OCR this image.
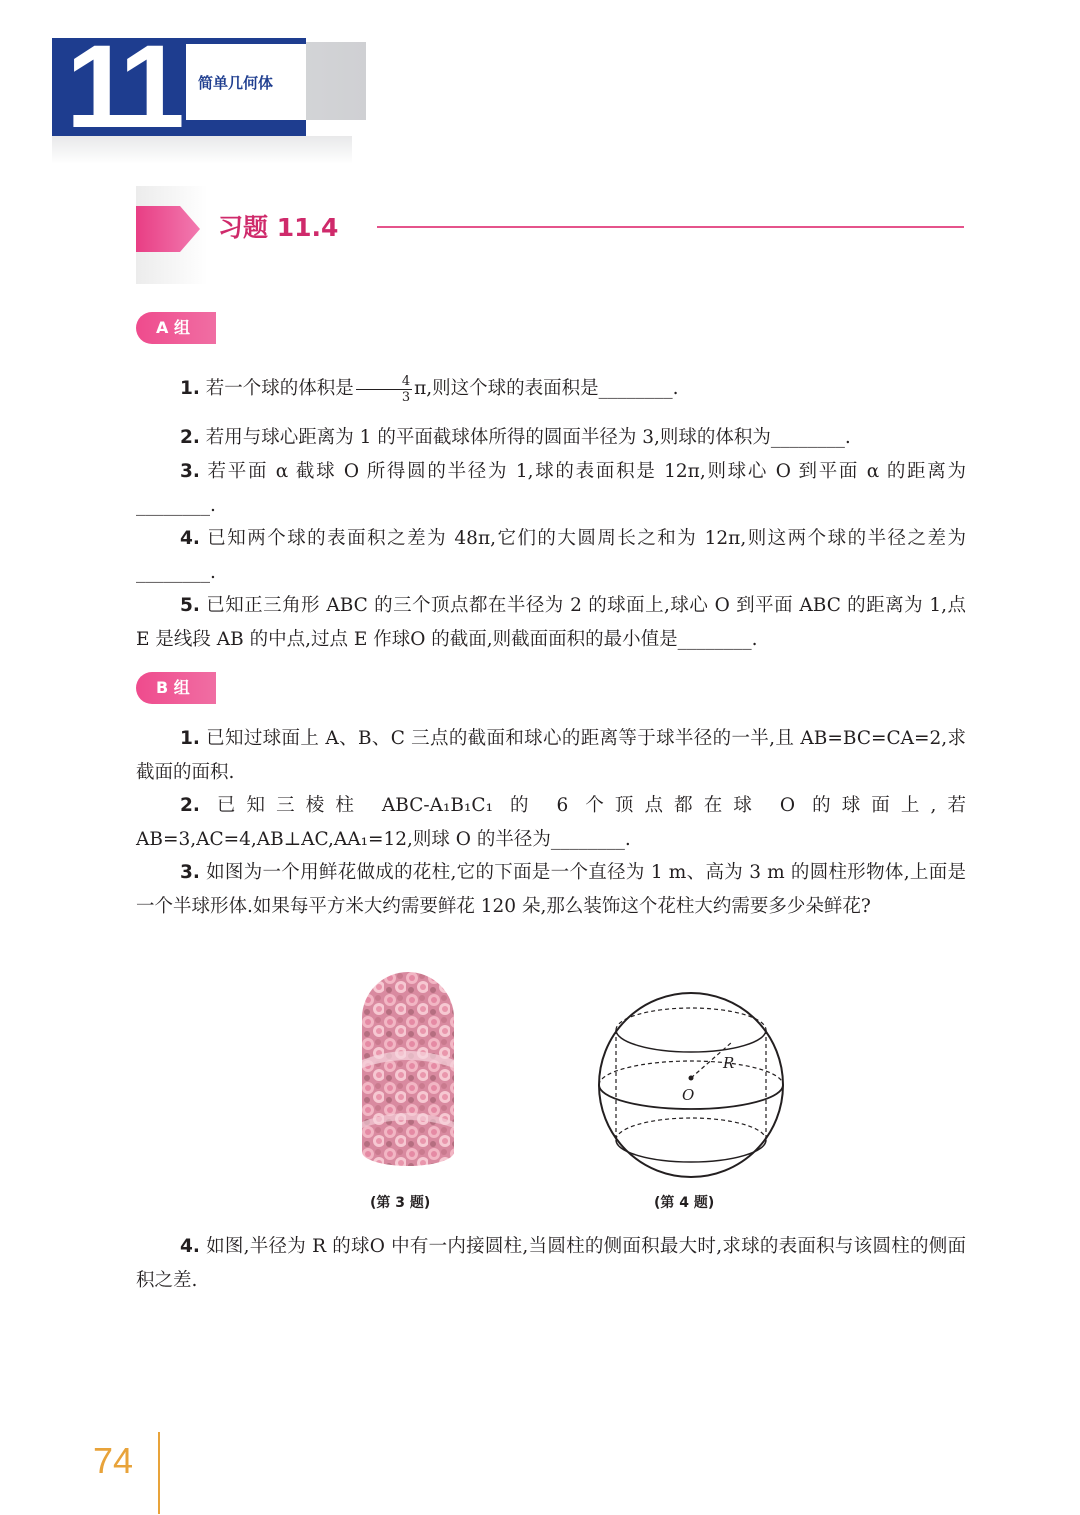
11 简单几何体
习题 11.4
A 组
1. 若一个球的体积是 $\frac{4}{3} \pi$,则这个球的表面积是________.
2. 若用与球心距离为 1 的平面截球体所得的圆面半径为 3,则球的体积为________.
3. 若平面 α 截球 O 所得圆的半径为 1,球的表面积是 12π,则球心 O 到平面 α 的距离为________.
4. 已知两个球的表面积之差为 48π,它们的大圆周长之和为 12π,则这两个球的半径之差为________.
5. 已知正三角形 ABC 的三个顶点都在半径为 2 的球面上,球心 O 到平面 ABC 的距离为 1,点 E 是线段 AB 的中点,过点 E 作球O 的截面,则截面面积的最小值是________.
B 组
1. 已知过球面上 A、B、C 三点的截面和球心的距离等于球半径的一半,且 AB=BC=CA=2,求截面的面积.
2. 已知三棱柱 ABC-A₁B₁C₁ 的 6 个顶点都在球 O 的球面上,若 AB=3,AC=4,AB⊥AC,AA₁=12,则球 O 的半径为________.
3. 如图为一个用鲜花做成的花柱,它的下面是一个直径为 1 m、高为 3 m 的圆柱形物体,上面是一个半球形体.如果每平方米大约需要鲜花 120 朵,那么装饰这个花柱大约需要多少朵鲜花?
(第 3 题)
R
O
(第 4 题)
4. 如图,半径为 R 的球O 中有一内接圆柱,当圆柱的侧面积最大时,求球的表面积与该圆柱的侧面积之差.
74
